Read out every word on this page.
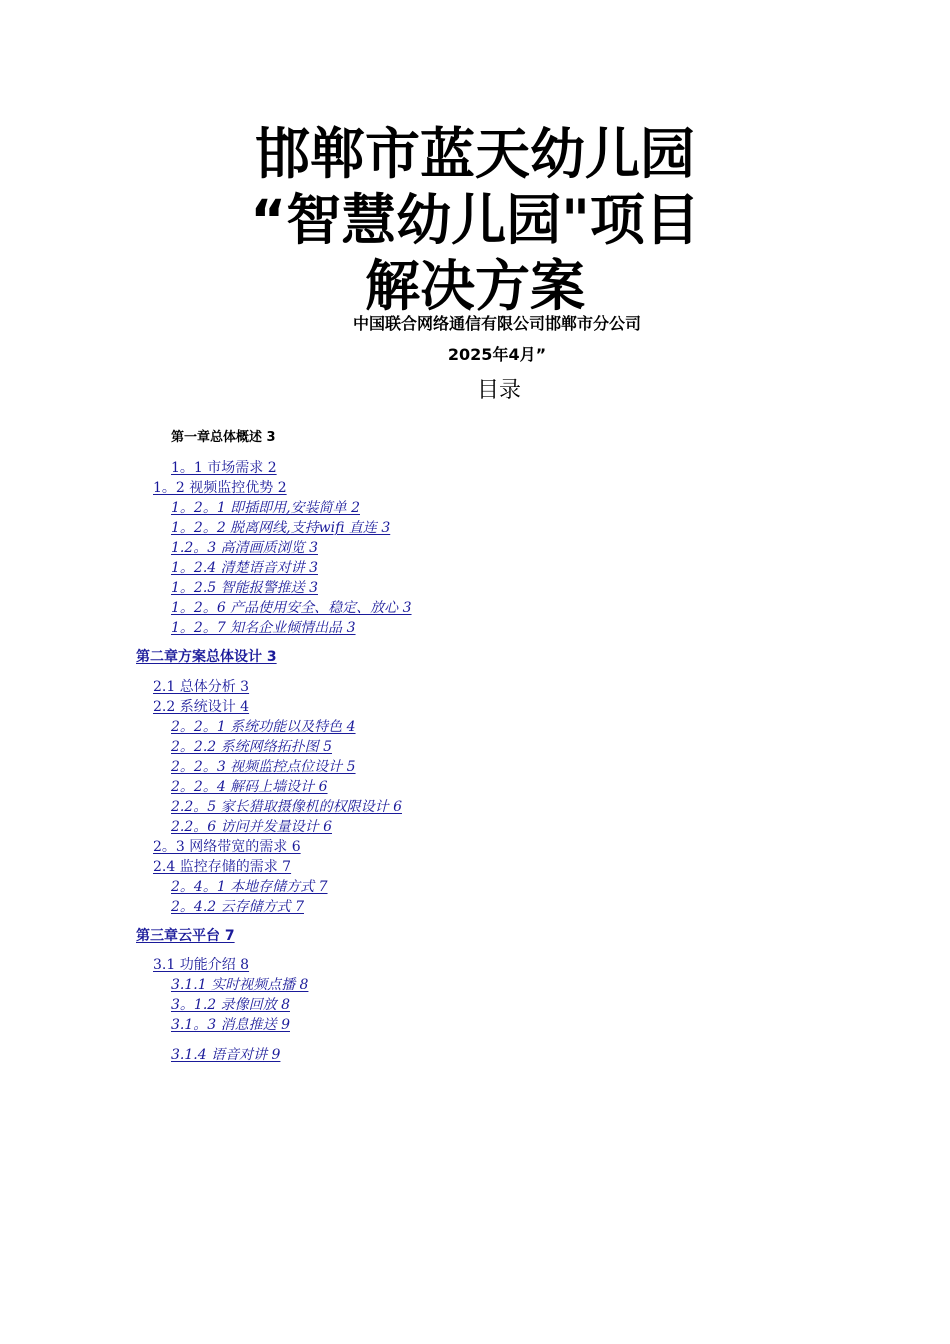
邯郸市蓝天幼儿园
“智慧幼儿园"项目
解决方案
中国联合网络通信有限公司邯郸市分公司
2025年4月”
目录
第一章总体概述 3
1。1 市场需求 2
1。2 视频监控优势 2
1。2。1 即插即用,安装简单 2
1。2。2 脱离网线,支持wifi 直连 3
1.2。3 高清画质浏览 3
1。2.4 清楚语音对讲 3
1。2.5 智能报警推送 3
1。2。6 产品使用安全、稳定、放心 3
1。2。7 知名企业倾情出品 3
第二章方案总体设计 3
2.1 总体分析 3
2.2 系统设计 4
2。2。1 系统功能以及特色 4
2。2.2 系统网络拓扑图 5
2。2。3 视频监控点位设计 5
2。2。4 解码上墙设计 6
2.2。5 家长猎取摄像机的权限设计 6
2.2。6 访问并发量设计 6
2。3 网络带宽的需求 6
2.4 监控存储的需求 7
2。4。1 本地存储方式 7
2。4.2 云存储方式 7
第三章云平台 7
3.1 功能介绍 8
3.1.1 实时视频点播 8
3。1.2 录像回放 8
3.1。3 消息推送 9
3.1.4 语音对讲 9
